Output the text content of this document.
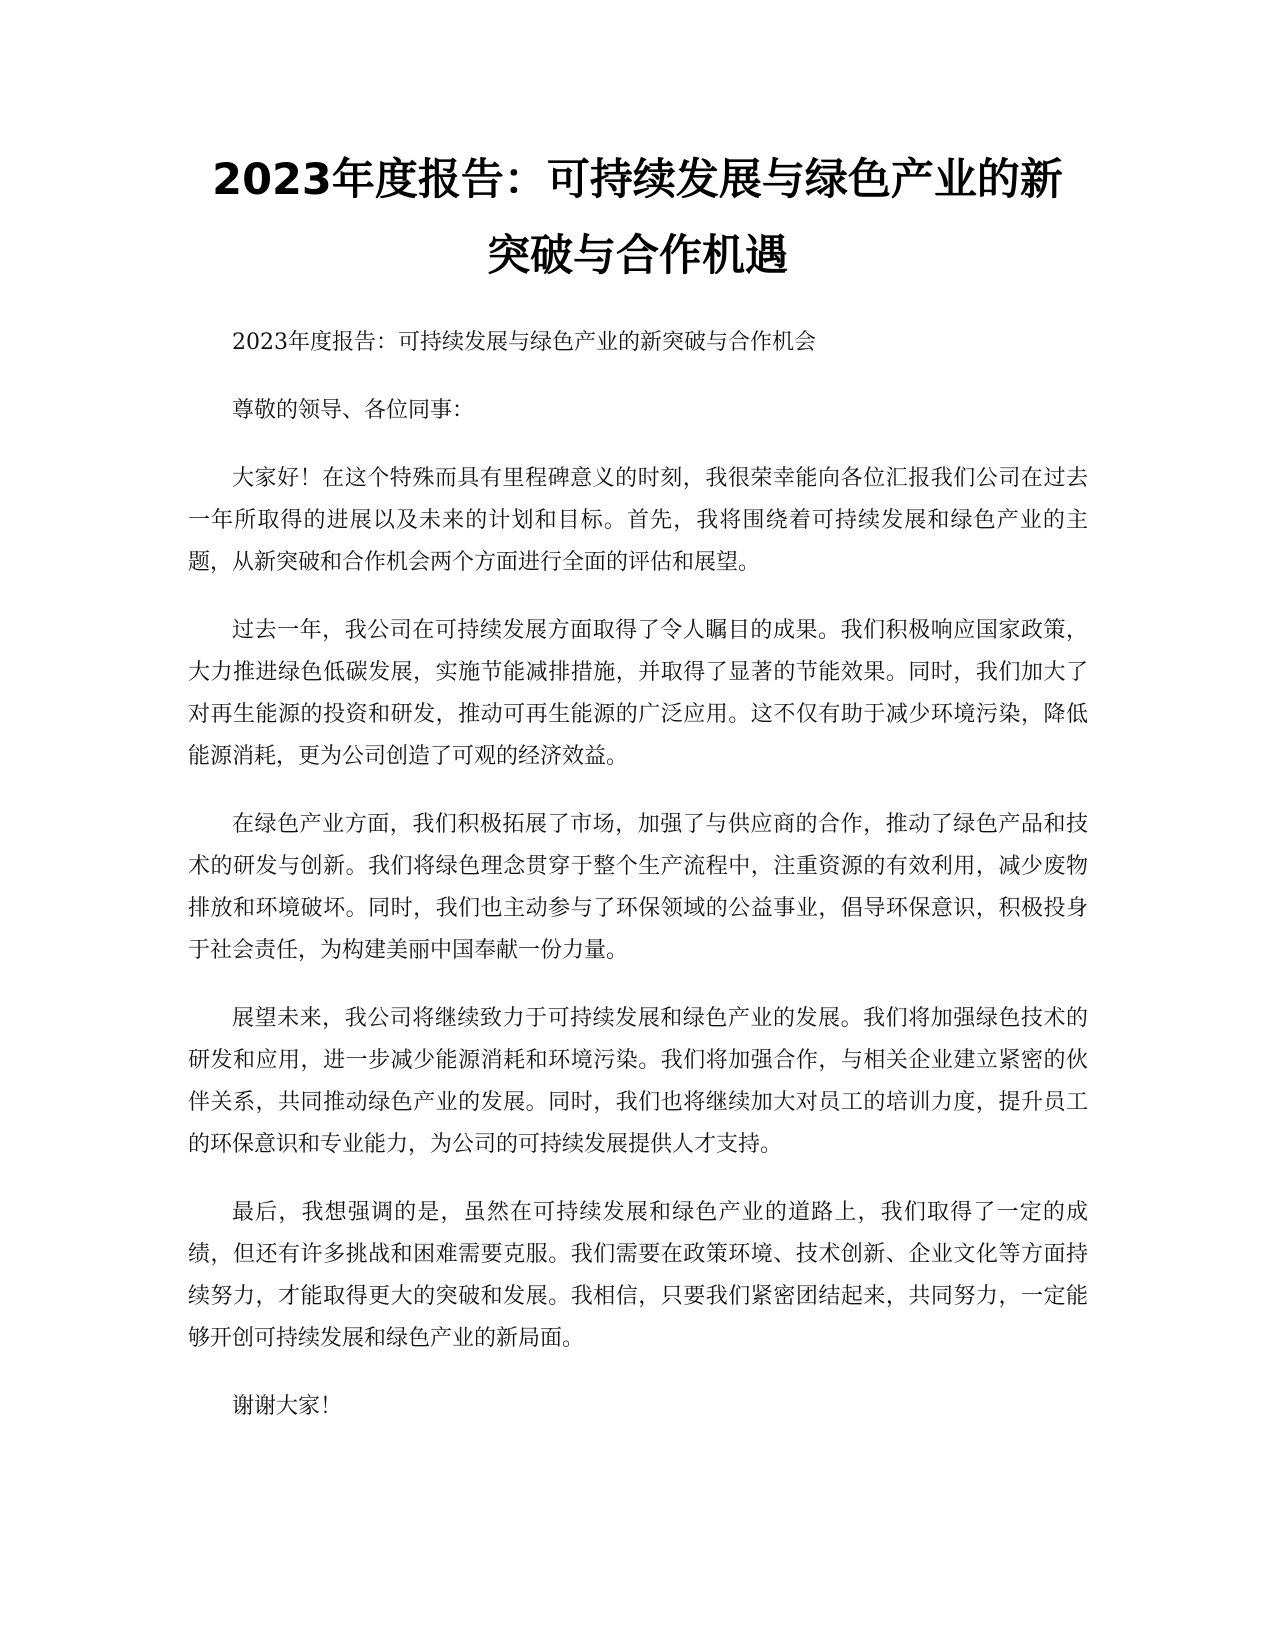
2023年度报告：可持续发展与绿色产业的新
突破与合作机遇

2023年度报告：可持续发展与绿色产业的新突破与合作机会

尊敬的领导、各位同事：

大家好！在这个特殊而具有里程碑意义的时刻，我很荣幸能向各位汇报我们公司在过去一年所取得的进展以及未来的计划和目标。首先，我将围绕着可持续发展和绿色产业的主题，从新突破和合作机会两个方面进行全面的评估和展望。

过去一年，我公司在可持续发展方面取得了令人瞩目的成果。我们积极响应国家政策，大力推进绿色低碳发展，实施节能减排措施，并取得了显著的节能效果。同时，我们加大了对再生能源的投资和研发，推动可再生能源的广泛应用。这不仅有助于减少环境污染，降低能源消耗，更为公司创造了可观的经济效益。

在绿色产业方面，我们积极拓展了市场，加强了与供应商的合作，推动了绿色产品和技术的研发与创新。我们将绿色理念贯穿于整个生产流程中，注重资源的有效利用，减少废物排放和环境破坏。同时，我们也主动参与了环保领域的公益事业，倡导环保意识，积极投身于社会责任，为构建美丽中国奉献一份力量。

展望未来，我公司将继续致力于可持续发展和绿色产业的发展。我们将加强绿色技术的研发和应用，进一步减少能源消耗和环境污染。我们将加强合作，与相关企业建立紧密的伙伴关系，共同推动绿色产业的发展。同时，我们也将继续加大对员工的培训力度，提升员工的环保意识和专业能力，为公司的可持续发展提供人才支持。

最后，我想强调的是，虽然在可持续发展和绿色产业的道路上，我们取得了一定的成绩，但还有许多挑战和困难需要克服。我们需要在政策环境、技术创新、企业文化等方面持续努力，才能取得更大的突破和发展。我相信，只要我们紧密团结起来，共同努力，一定能够开创可持续发展和绿色产业的新局面。

谢谢大家！
